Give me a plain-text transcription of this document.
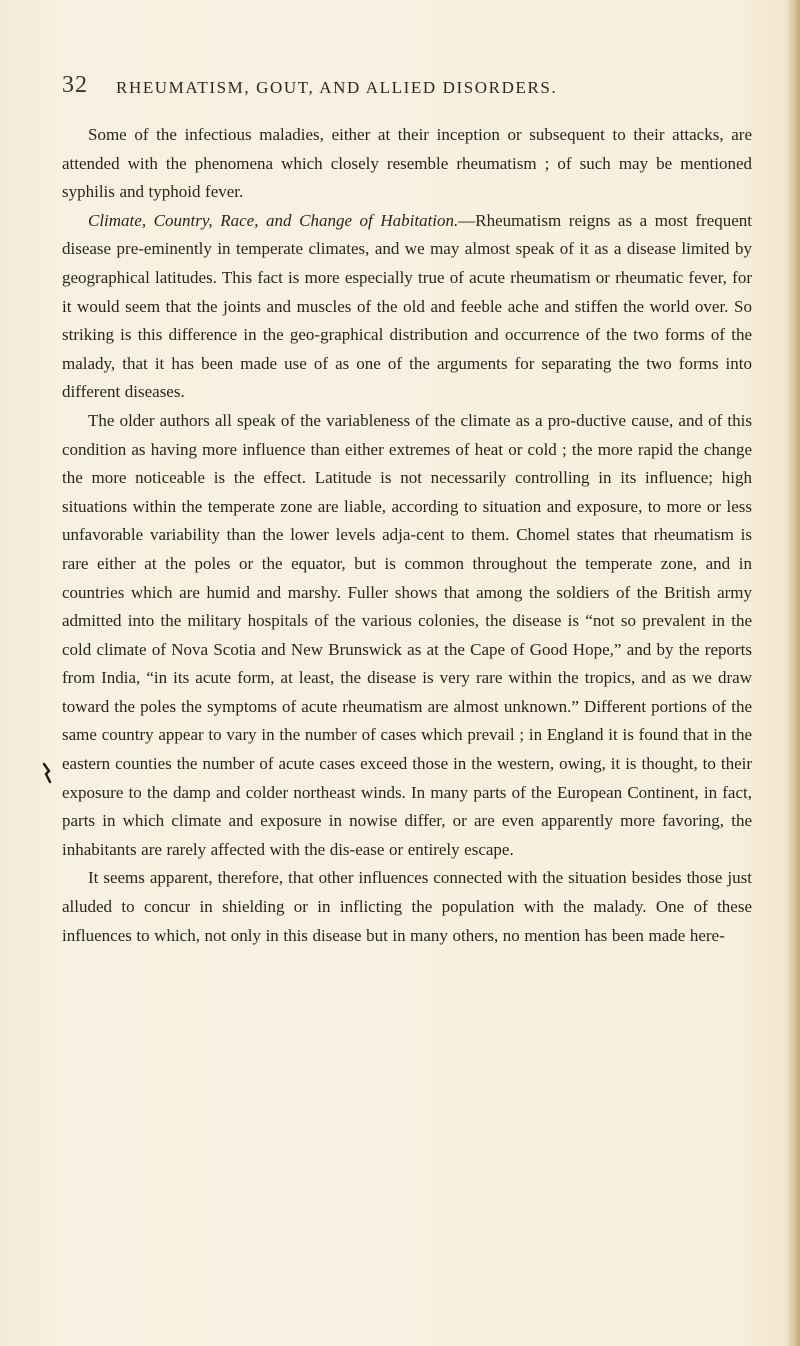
32 RHEUMATISM, GOUT, AND ALLIED DISORDERS.

Some of the infectious maladies, either at their inception or subsequent to their attacks, are attended with the phenomena which closely resemble rheumatism ; of such may be mentioned syphilis and typhoid fever.

Climate, Country, Race, and Change of Habitation.—Rheumatism reigns as a most frequent disease pre-eminently in temperate climates, and we may almost speak of it as a disease limited by geographical latitudes. This fact is more especially true of acute rheumatism or rheumatic fever, for it would seem that the joints and muscles of the old and feeble ache and stiffen the world over. So striking is this difference in the geo-graphical distribution and occurrence of the two forms of the malady, that it has been made use of as one of the arguments for separating the two forms into different diseases.

The older authors all speak of the variableness of the climate as a pro-ductive cause, and of this condition as having more influence than either extremes of heat or cold ; the more rapid the change the more noticeable is the effect. Latitude is not necessarily controlling in its influence; high situations within the temperate zone are liable, according to situation and exposure, to more or less unfavorable variability than the lower levels adja-cent to them. Chomel states that rheumatism is rare either at the poles or the equator, but is common throughout the temperate zone, and in countries which are humid and marshy. Fuller shows that among the soldiers of the British army admitted into the military hospitals of the various colonies, the disease is “not so prevalent in the cold climate of Nova Scotia and New Brunswick as at the Cape of Good Hope,” and by the reports from India, “in its acute form, at least, the disease is very rare within the tropics, and as we draw toward the poles the symptoms of acute rheumatism are almost unknown.” Different portions of the same country appear to vary in the number of cases which prevail ; in England it is found that in the eastern counties the number of acute cases exceed those in the western, owing, it is thought, to their exposure to the damp and colder northeast winds. In many parts of the European Continent, in fact, parts in which climate and exposure in nowise differ, or are even apparently more favoring, the inhabitants are rarely affected with the dis-ease or entirely escape.

It seems apparent, therefore, that other influences connected with the situation besides those just alluded to concur in shielding or in inflicting the population with the malady. One of these influences to which, not only in this disease but in many others, no mention has been made here-
